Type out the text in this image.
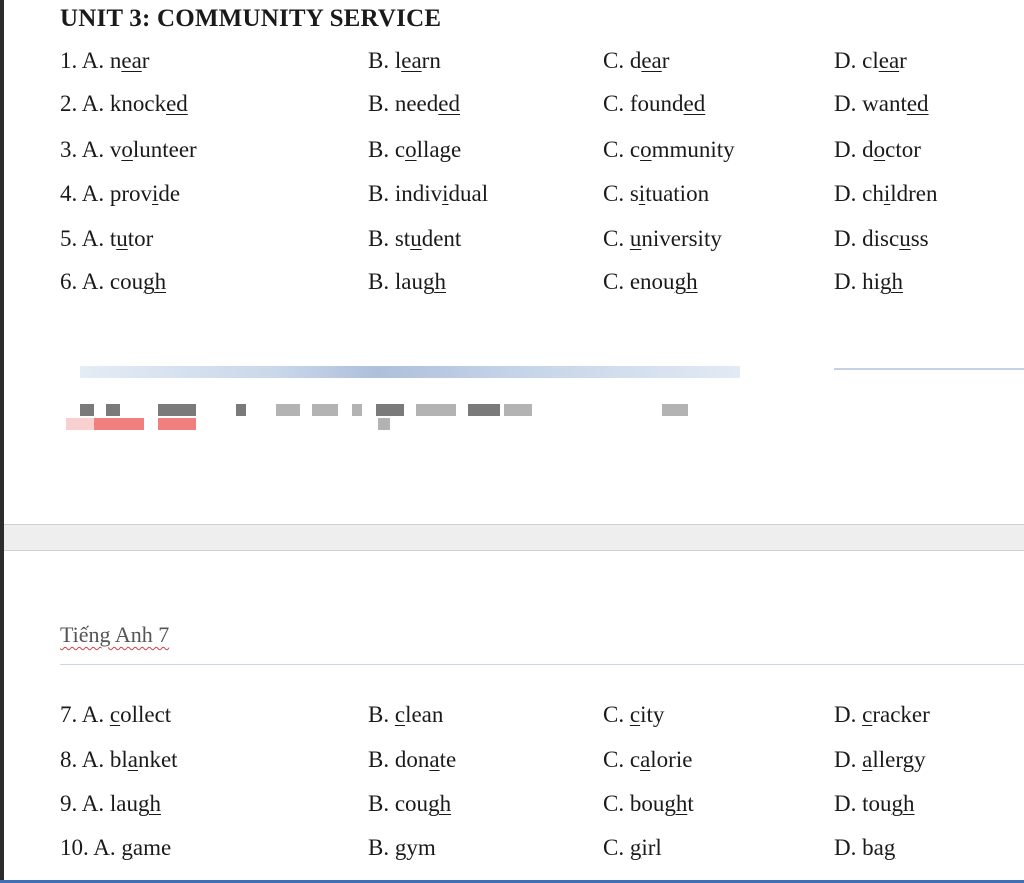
UNIT 3: COMMUNITY SERVICE
1. A. near	B. learn	C. dear	D. clear
2. A. knocked	B. needed	C. founded	D. wanted
3. A. volunteer	B. collage	C. community	D. doctor
4. A. provide	B. individual	C. situation	D. children
5. A. tutor	B. student	C. university	D. discuss
6. A. cough	B. laugh	C. enough	D. high
7. A. collect	B. clean	C. city	D. cracker
8. A. blanket	B. donate	C. calorie	D. allergy
9. A. laugh	B. cough	C. bought	D. tough
10. A. game	B. gym	C. girl	D. bag
Tiếng Anh 7
